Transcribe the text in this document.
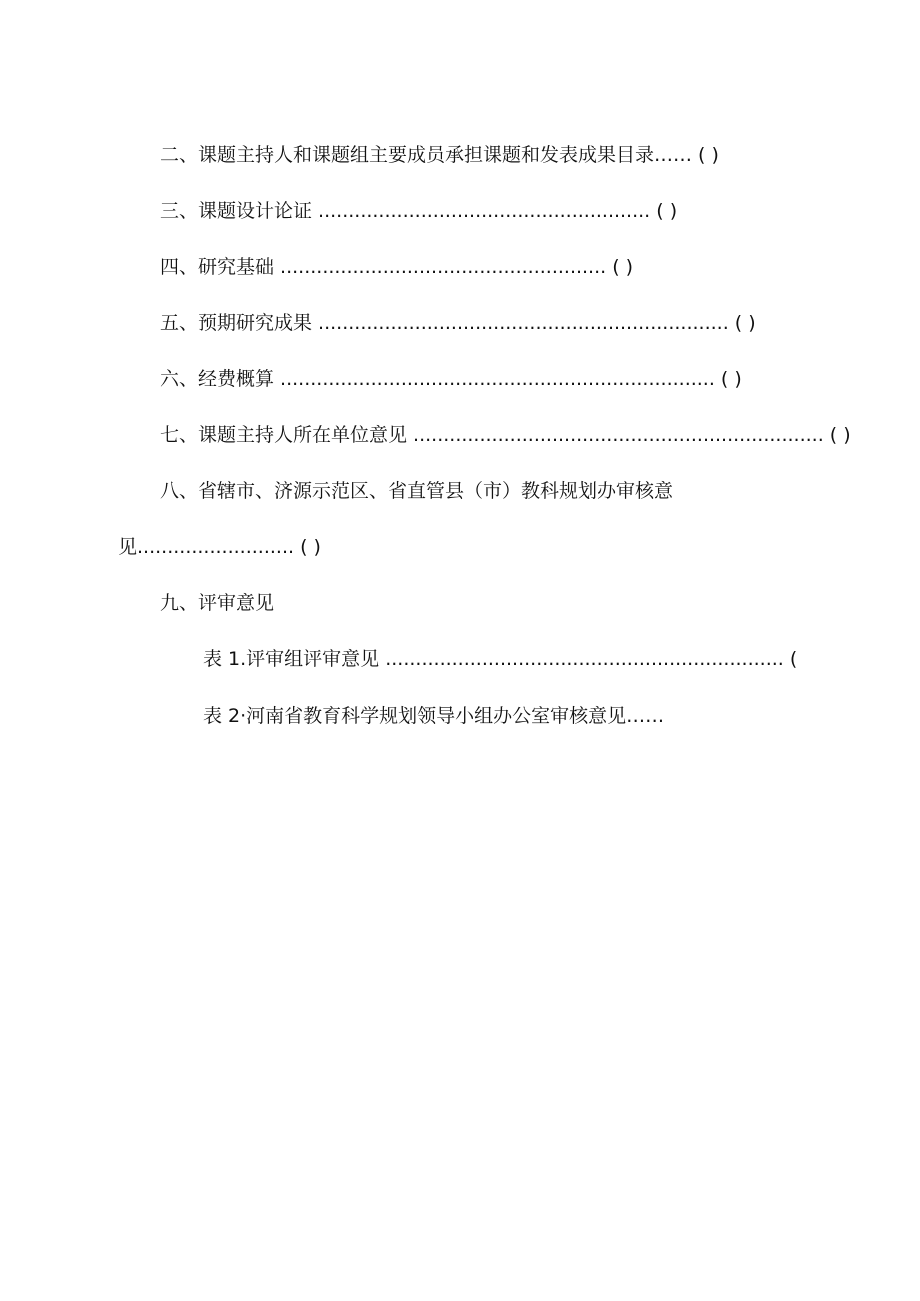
二、课题主持人和课题组主要成员承担课题和发表成果目录…… ( )
三、课题设计论证 ....................................................... ( )
四、研究基础 ...................................................... ( )
五、预期研究成果 .................................................................... ( )
六、经费概算 ........................................................................ ( )
七、课题主持人所在单位意见 .................................................................... ( )
八、省辖市、济源示范区、省直管县（市）教科规划办审核意
见.......................... ( )
九、评审意见
表 1.评审组评审意见 .................................................................. (
表 2·河南省教育科学规划领导小组办公室审核意见……
